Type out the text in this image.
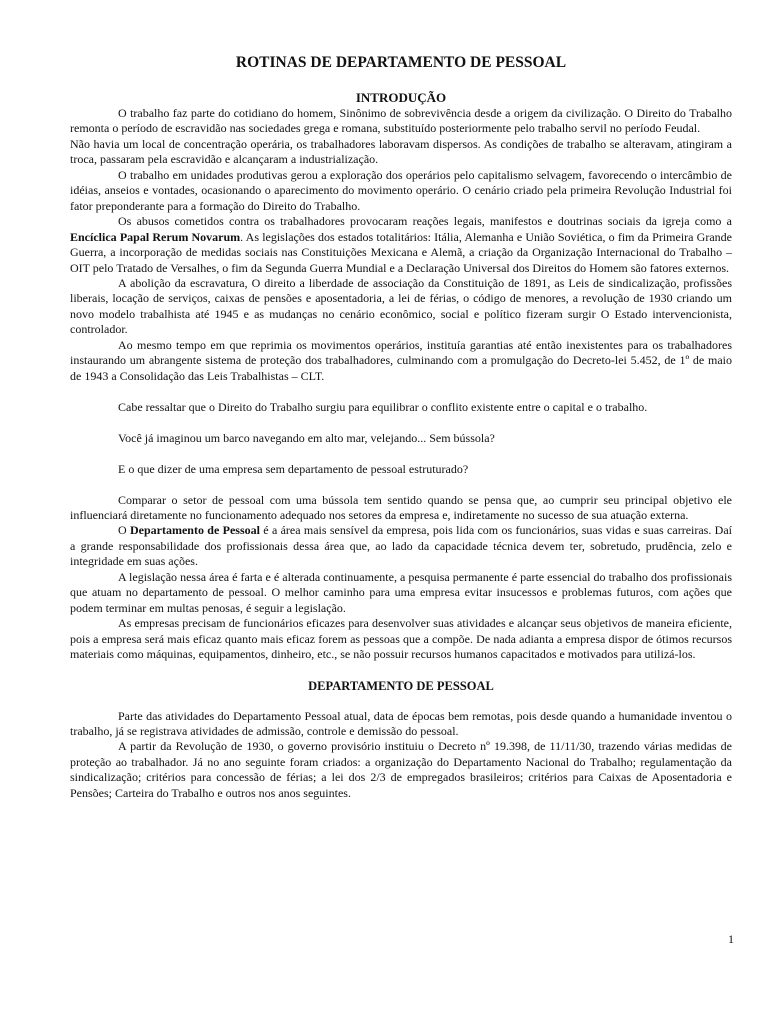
ROTINAS DE DEPARTAMENTO DE PESSOAL
INTRODUÇÃO

O trabalho faz parte do cotidiano do homem, Sinônimo de sobrevivência desde a origem da civilização. O Direito do Trabalho remonta o período de escravidão nas sociedades grega e romana, substituído posteriormente pelo trabalho servil no período Feudal.

Não havia um local de concentração operária, os trabalhadores laboravam dispersos. As condições de trabalho se alteravam, atingiram a troca, passaram pela escravidão e alcançaram a industrialização.

O trabalho em unidades produtivas gerou a exploração dos operários pelo capitalismo selvagem, favorecendo o intercâmbio de idéias, anseios e vontades, ocasionando o aparecimento do movimento operário. O cenário criado pela primeira Revolução Industrial foi fator preponderante para a formação do Direito do Trabalho.

Os abusos cometidos contra os trabalhadores provocaram reações legais, manifestos e doutrinas sociais da igreja como a Encíclica Papal Rerum Novarum. As legislações dos estados totalitários: Itália, Alemanha e União Soviética, o fim da Primeira Grande Guerra, a incorporação de medidas sociais nas Constituições Mexicana e Alemã, a criação da Organização Internacional do Trabalho – OIT pelo Tratado de Versalhes, o fim da Segunda Guerra Mundial e a Declaração Universal dos Direitos do Homem são fatores externos.

A abolição da escravatura, O direito a liberdade de associação da Constituição de 1891, as Leis de sindicalização, profissões liberais, locação de serviços, caixas de pensões e aposentadoria, a lei de férias, o código de menores, a revolução de 1930 criando um novo modelo trabalhista até 1945 e as mudanças no cenário econômico, social e político fizeram surgir O Estado intervencionista, controlador.

Ao mesmo tempo em que reprimia os movimentos operários, instituía garantias até então inexistentes para os trabalhadores instaurando um abrangente sistema de proteção dos trabalhadores, culminando com a promulgação do Decreto-lei 5.452, de 1º de maio de 1943 a Consolidação das Leis Trabalhistas – CLT.

Cabe ressaltar que o Direito do Trabalho surgiu para equilibrar o conflito existente entre o capital e o trabalho.

Você já imaginou um barco navegando em alto mar, velejando... Sem bússola?

E o que dizer de uma empresa sem departamento de pessoal estruturado?

Comparar o setor de pessoal com uma bússola tem sentido quando se pensa que, ao cumprir seu principal objetivo ele influenciará diretamente no funcionamento adequado nos setores da empresa e, indiretamente no sucesso de sua atuação externa.

O Departamento de Pessoal é a área mais sensível da empresa, pois lida com os funcionários, suas vidas e suas carreiras. Daí a grande responsabilidade dos profissionais dessa área que, ao lado da capacidade técnica devem ter, sobretudo, prudência, zelo e integridade em suas ações.

A legislação nessa área é farta e é alterada continuamente, a pesquisa permanente é parte essencial do trabalho dos profissionais que atuam no departamento de pessoal. O melhor caminho para uma empresa evitar insucessos e problemas futuros, com ações que podem terminar em multas penosas, é seguir a legislação.

As empresas precisam de funcionários eficazes para desenvolver suas atividades e alcançar seus objetivos de maneira eficiente, pois a empresa será mais eficaz quanto mais eficaz forem as pessoas que a compõe. De nada adianta a empresa dispor de ótimos recursos materiais como máquinas, equipamentos, dinheiro, etc., se não possuir recursos humanos capacitados e motivados para utilizá-los.

DEPARTAMENTO DE PESSOAL

Parte das atividades do Departamento Pessoal atual, data de épocas bem remotas, pois desde quando a humanidade inventou o trabalho, já se registrava atividades de admissão, controle e demissão do pessoal.

A partir da Revolução de 1930, o governo provisório instituiu o Decreto nº 19.398, de 11/11/30, trazendo várias medidas de proteção ao trabalhador. Já no ano seguinte foram criados: a organização do Departamento Nacional do Trabalho; regulamentação da sindicalização; critérios para concessão de férias; a lei dos 2/3 de empregados brasileiros; critérios para Caixas de Aposentadoria e Pensões; Carteira do Trabalho e outros nos anos seguintes.

1
